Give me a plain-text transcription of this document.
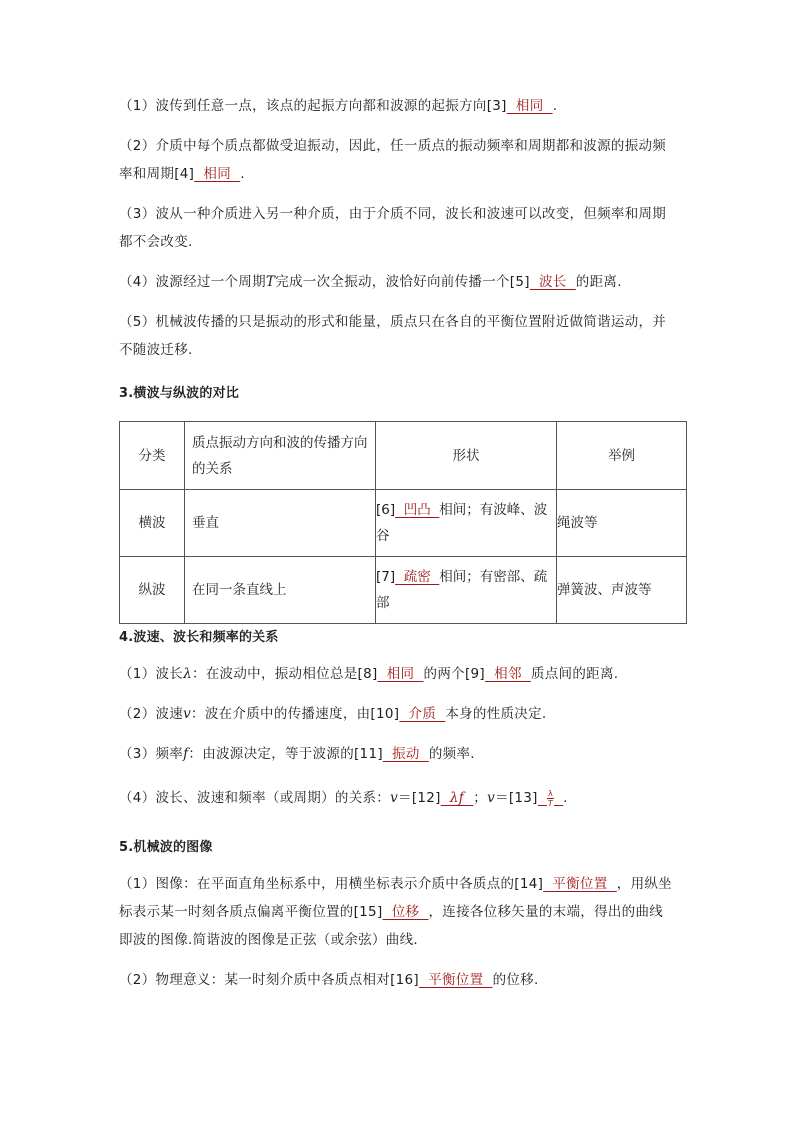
（1）波传到任意一点，该点的起振方向都和波源的起振方向[3]  相同  .
（2）介质中每个质点都做受迫振动，因此，任一质点的振动频率和周期都和波源的振动频率和周期[4]  相同  .
（3）波从一种介质进入另一种介质，由于介质不同，波长和波速可以改变，但频率和周期都不会改变.
（4）波源经过一个周期T完成一次全振动，波恰好向前传播一个[5]  波长  的距离.
（5）机械波传播的只是振动的形式和能量，质点只在各自的平衡位置附近做简谐运动，并不随波迁移.
3.横波与纵波的对比
分类	质点振动方向和波的传播方向的关系	形状	举例
横波	垂直	[6]  凹凸  相间；有波峰、波谷	绳波等
纵波	在同一条直线上	[7]  疏密  相间；有密部、疏部	弹簧波、声波等
4.波速、波长和频率的关系
（1）波长λ：在波动中，振动相位总是[8]  相同  的两个[9]  相邻  质点间的距离.
（2）波速v：波在介质中的传播速度，由[10]  介质  本身的性质决定.
（3）频率f：由波源决定，等于波源的[11]  振动  的频率.
（4）波长、波速和频率（或周期）的关系：v＝[12]  λf  ；$v=[13] \frac{\lambda}{T}$ .
5.机械波的图像
（1）图像：在平面直角坐标系中，用横坐标表示介质中各质点的[14]  平衡位置  ，用纵坐标表示某一时刻各质点偏离平衡位置的[15]  位移  ，连接各位移矢量的末端，得出的曲线即波的图像.简谐波的图像是正弦（或余弦）曲线.
（2）物理意义：某一时刻介质中各质点相对[16]  平衡位置  的位移.
